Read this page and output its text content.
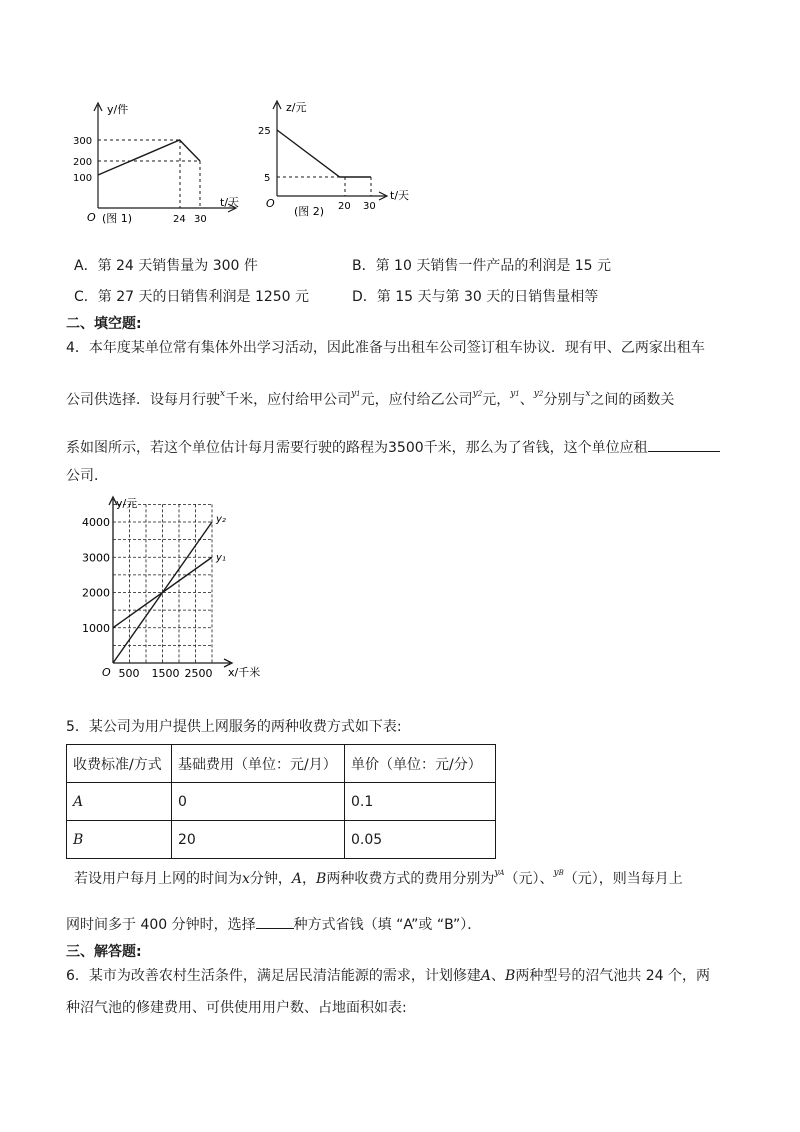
y/件
300
200
100
O (图 1)	24 30
t/天
z/元
25
5
O
(图 2) 20 30
t/天
A．第 24 天销售量为 300 件	B．第 10 天销售一件产品的利润是 15 元
C．第 27 天的日销售利润是 1250 元	D．第 15 天与第 30 天的日销售量相等
二、填空题:
4．本年度某单位常有集体外出学习活动，因此准备与出租车公司签订租车协议．现有甲、乙两家出租车
公司供选择．设每月行驶$^x$千米，应付给甲公司$^{y1}$元，应付给乙公司$^{y2}$元，$^{y1}$、$^{y2}$分别与$^x$之间的函数关
系如图所示，若这个单位估计每月需要行驶的路程为3500千米，那么为了省钱，这个单位应租
公司．
y₁
y₂
4000
3000
2000
1000
500 1500 2500
O
y/元
x/千米
5．某公司为用户提供上网服务的两种收费方式如下表:
收费标准/方式	基础费用（单位：元/月）	单价（单位：元/分）
A	0	0.1
B	20	0.05
若设用户每月上网的时间为x分钟，A，B两种收费方式的费用分别为$^{yA}$（元）、$^{yB}$（元），则当每月上
网时间多于 400 分钟时，选择	种方式省钱（填 “A”或 “B”）．
三、解答题:
6．某市为改善农村生活条件，满足居民清洁能源的需求，计划修建A、B两种型号的沼气池共 24 个，两
种沼气池的修建费用、可供使用用户数、占地面积如表:
